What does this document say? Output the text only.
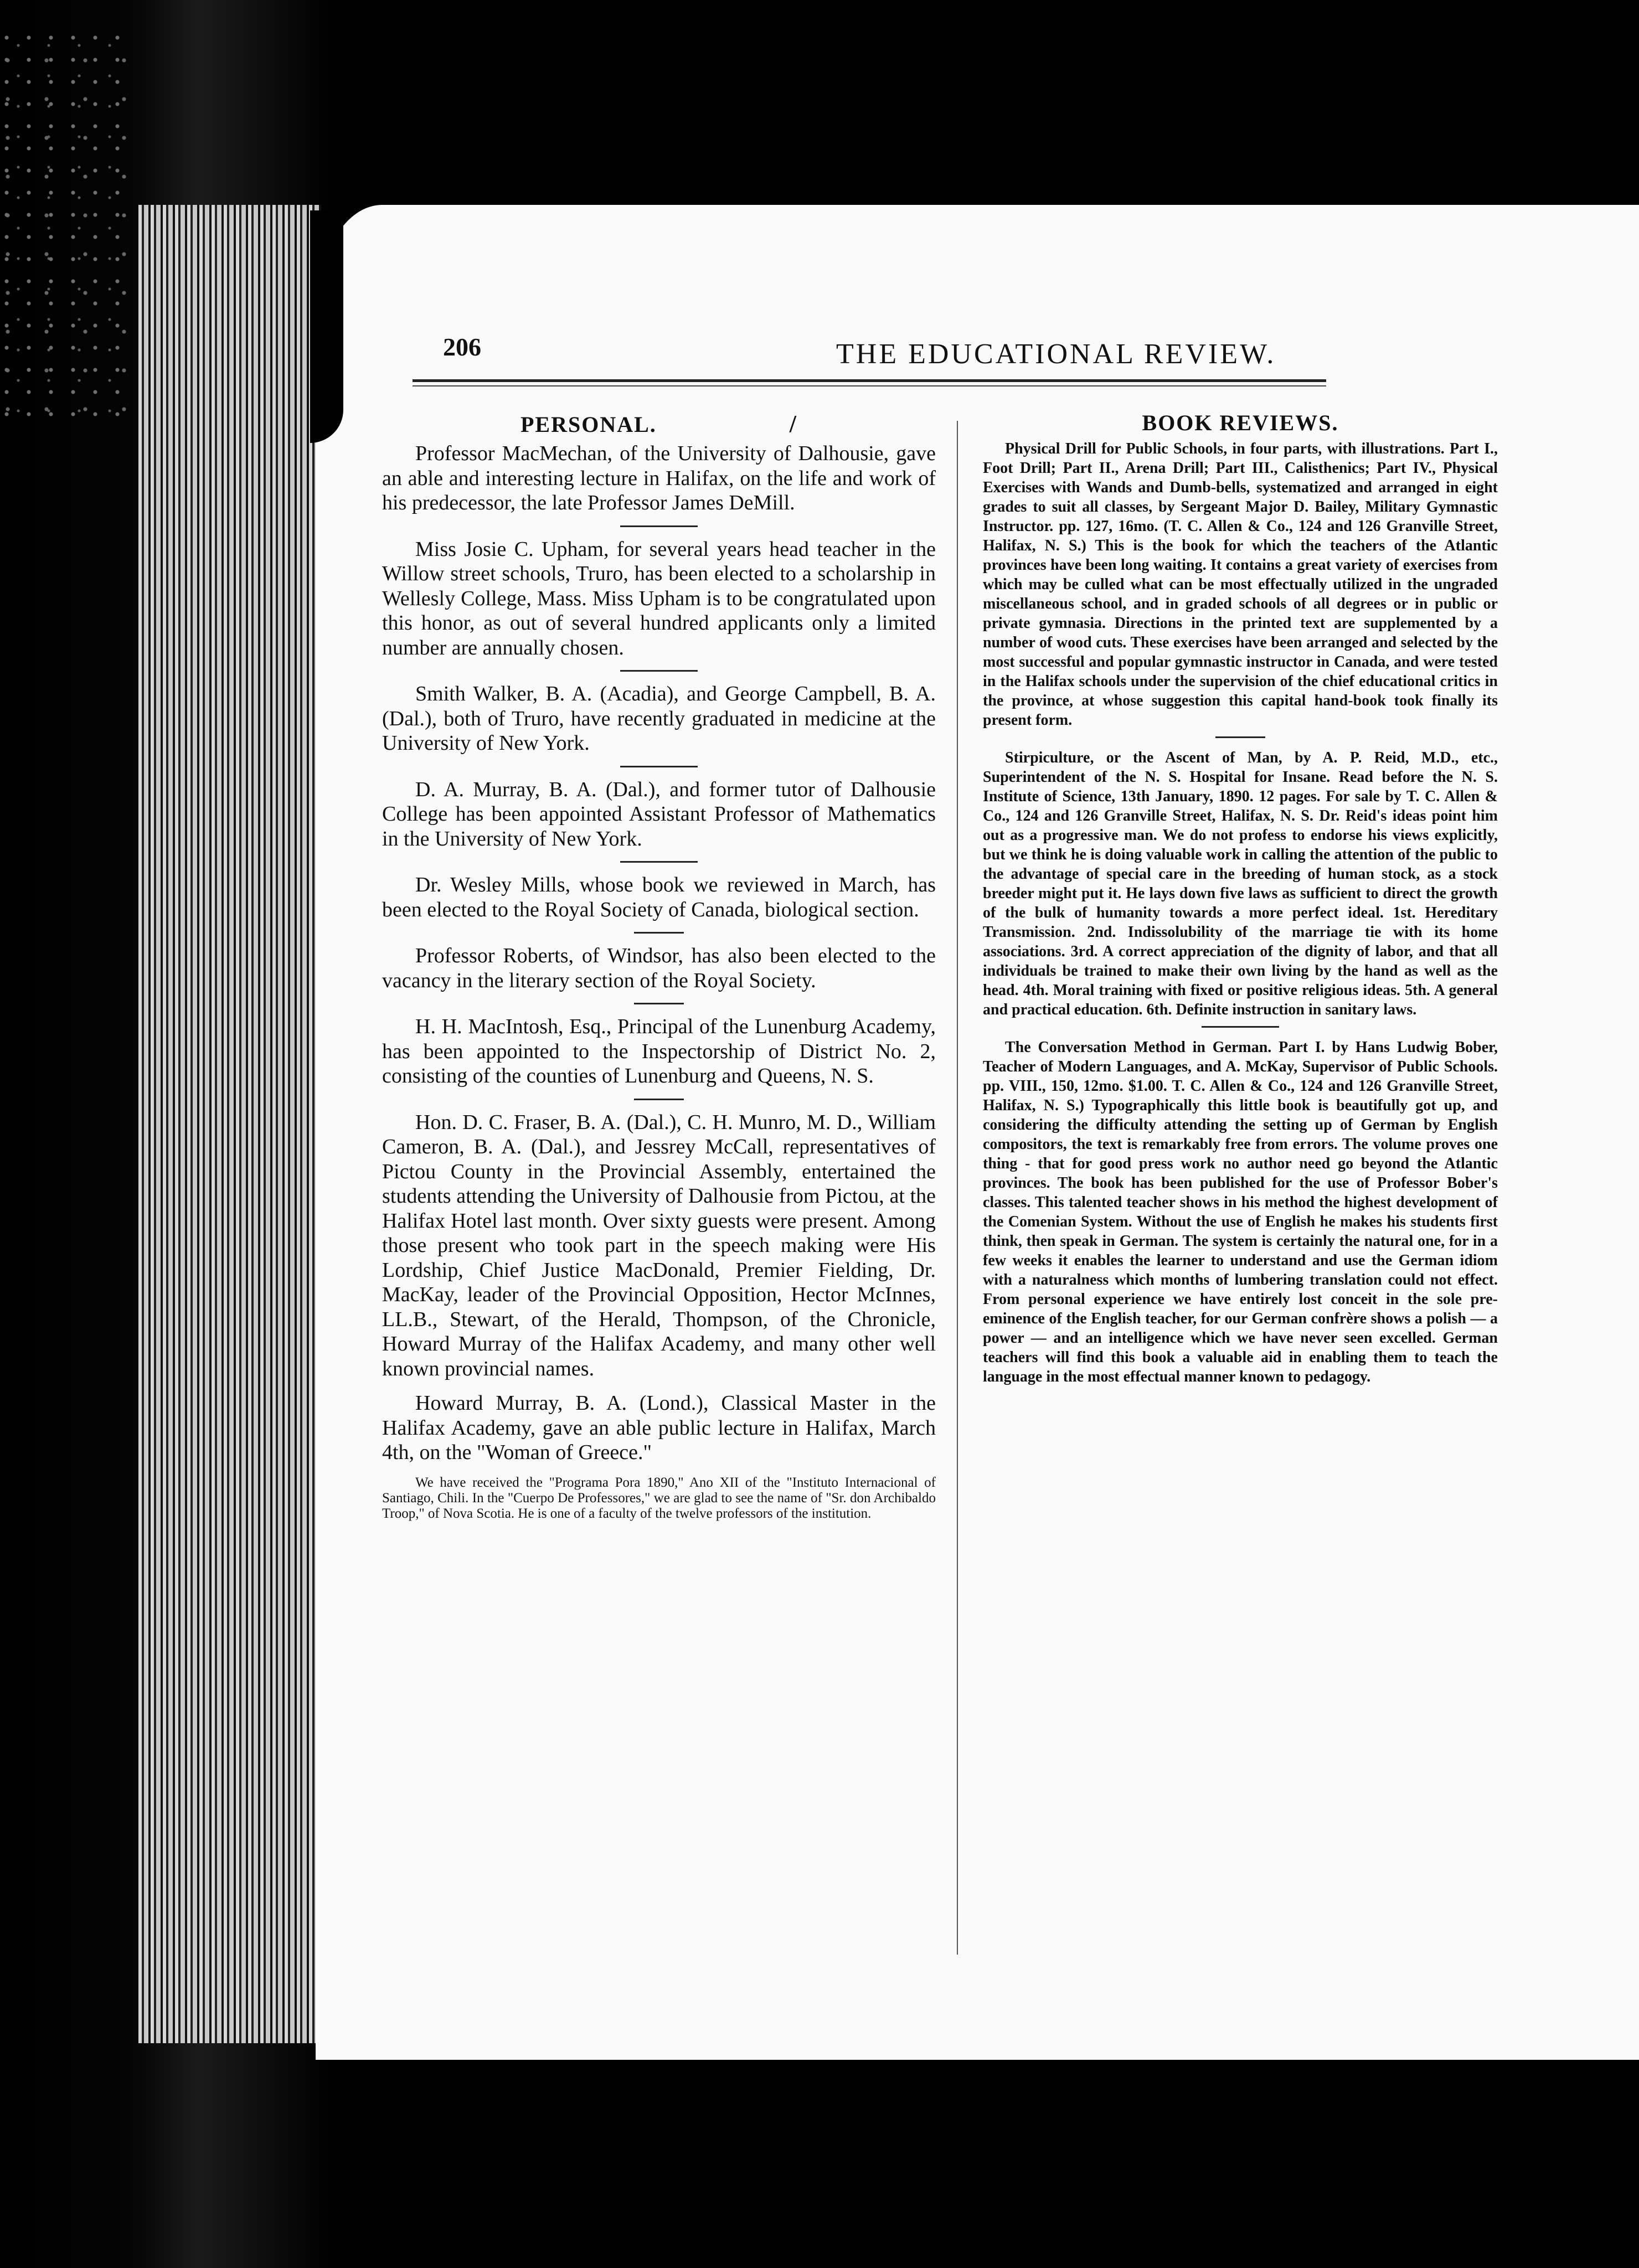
206	THE EDUCATIONAL REVIEW.
PERSONAL.	/

Professor MacMechan, of the University of Dalhousie, gave an able and interesting lecture in Halifax, on the life and work of his predecessor, the late Professor James DeMill.

Miss Josie C. Upham, for several years head teacher in the Willow street schools, Truro, has been elected to a scholarship in Wellesly College, Mass. Miss Upham is to be congratulated upon this honor, as out of several hundred applicants only a limited number are annually chosen.

Smith Walker, B. A. (Acadia), and George Campbell, B. A. (Dal.), both of Truro, have recently graduated in medicine at the University of New York.

D. A. Murray, B. A. (Dal.), and former tutor of Dalhousie College has been appointed Assistant Professor of Mathematics in the University of New York.

Dr. Wesley Mills, whose book we reviewed in March, has been elected to the Royal Society of Canada, biological section.

Professor Roberts, of Windsor, has also been elected to the vacancy in the literary section of the Royal Society.

H. H. MacIntosh, Esq., Principal of the Lunenburg Academy, has been appointed to the Inspectorship of District No. 2, consisting of the counties of Lunenburg and Queens, N. S.

Hon. D. C. Fraser, B. A. (Dal.), C. H. Munro, M. D., William Cameron, B. A. (Dal.), and Jessrey McCall, representatives of Pictou County in the Provincial Assembly, entertained the students attending the University of Dalhousie from Pictou, at the Halifax Hotel last month. Over sixty guests were present. Among those present who took part in the speech making were His Lordship, Chief Justice MacDonald, Premier Fielding, Dr. MacKay, leader of the Provincial Opposition, Hector McInnes, LL.B., Stewart, of the Herald, Thompson, of the Chronicle, Howard Murray of the Halifax Academy, and many other well known provincial names.

Howard Murray, B. A. (Lond.), Classical Master in the Halifax Academy, gave an able public lecture in Halifax, March 4th, on the "Woman of Greece."

We have received the "Programa Pora 1890," Ano XII of the "Instituto Internacional of Santiago, Chili. In the "Cuerpo De Professores," we are glad to see the name of "Sr. don Archibaldo Troop," of Nova Scotia. He is one of a faculty of the twelve professors of the institution.

BOOK REVIEWS.

Physical Drill for Public Schools, in four parts, with illustrations. Part I., Foot Drill; Part II., Arena Drill; Part III., Calisthenics; Part IV., Physical Exercises with Wands and Dumb-bells, systematized and arranged in eight grades to suit all classes, by Sergeant Major D. Bailey, Military Gymnastic Instructor. pp. 127, 16mo. (T. C. Allen & Co., 124 and 126 Granville Street, Halifax, N. S.) This is the book for which the teachers of the Atlantic provinces have been long waiting. It contains a great variety of exercises from which may be culled what can be most effectually utilized in the ungraded miscellaneous school, and in graded schools of all degrees or in public or private gymnasia. Directions in the printed text are supplemented by a number of wood cuts. These exercises have been arranged and selected by the most successful and popular gymnastic instructor in Canada, and were tested in the Halifax schools under the supervision of the chief educational critics in the province, at whose suggestion this capital hand-book took finally its present form.

Stirpiculture, or the Ascent of Man, by A. P. Reid, M.D., etc., Superintendent of the N. S. Hospital for Insane. Read before the N. S. Institute of Science, 13th January, 1890. 12 pages. For sale by T. C. Allen & Co., 124 and 126 Granville Street, Halifax, N. S. Dr. Reid's ideas point him out as a progressive man. We do not profess to endorse his views explicitly, but we think he is doing valuable work in calling the attention of the public to the advantage of special care in the breeding of human stock, as a stock breeder might put it. He lays down five laws as sufficient to direct the growth of the bulk of humanity towards a more perfect ideal. 1st. Hereditary Transmission. 2nd. Indissolubility of the marriage tie with its home associations. 3rd. A correct appreciation of the dignity of labor, and that all individuals be trained to make their own living by the hand as well as the head. 4th. Moral training with fixed or positive religious ideas. 5th. A general and practical education. 6th. Definite instruction in sanitary laws.

The Conversation Method in German. Part I. by Hans Ludwig Bober, Teacher of Modern Languages, and A. McKay, Supervisor of Public Schools. pp. VIII., 150, 12mo. $1.00. T. C. Allen & Co., 124 and 126 Granville Street, Halifax, N. S.) Typographically this little book is beautifully got up, and considering the difficulty attending the setting up of German by English compositors, the text is remarkably free from errors. The volume proves one thing - that for good press work no author need go beyond the Atlantic provinces. The book has been published for the use of Professor Bober's classes. This talented teacher shows in his method the highest development of the Comenian System. Without the use of English he makes his students first think, then speak in German. The system is certainly the natural one, for in a few weeks it enables the learner to understand and use the German idiom with a naturalness which months of lumbering translation could not effect. From personal experience we have entirely lost conceit in the sole pre-eminence of the English teacher, for our German confrère shows a polish — a power — and an intelligence which we have never seen excelled. German teachers will find this book a valuable aid in enabling them to teach the language in the most effectual manner known to pedagogy.
